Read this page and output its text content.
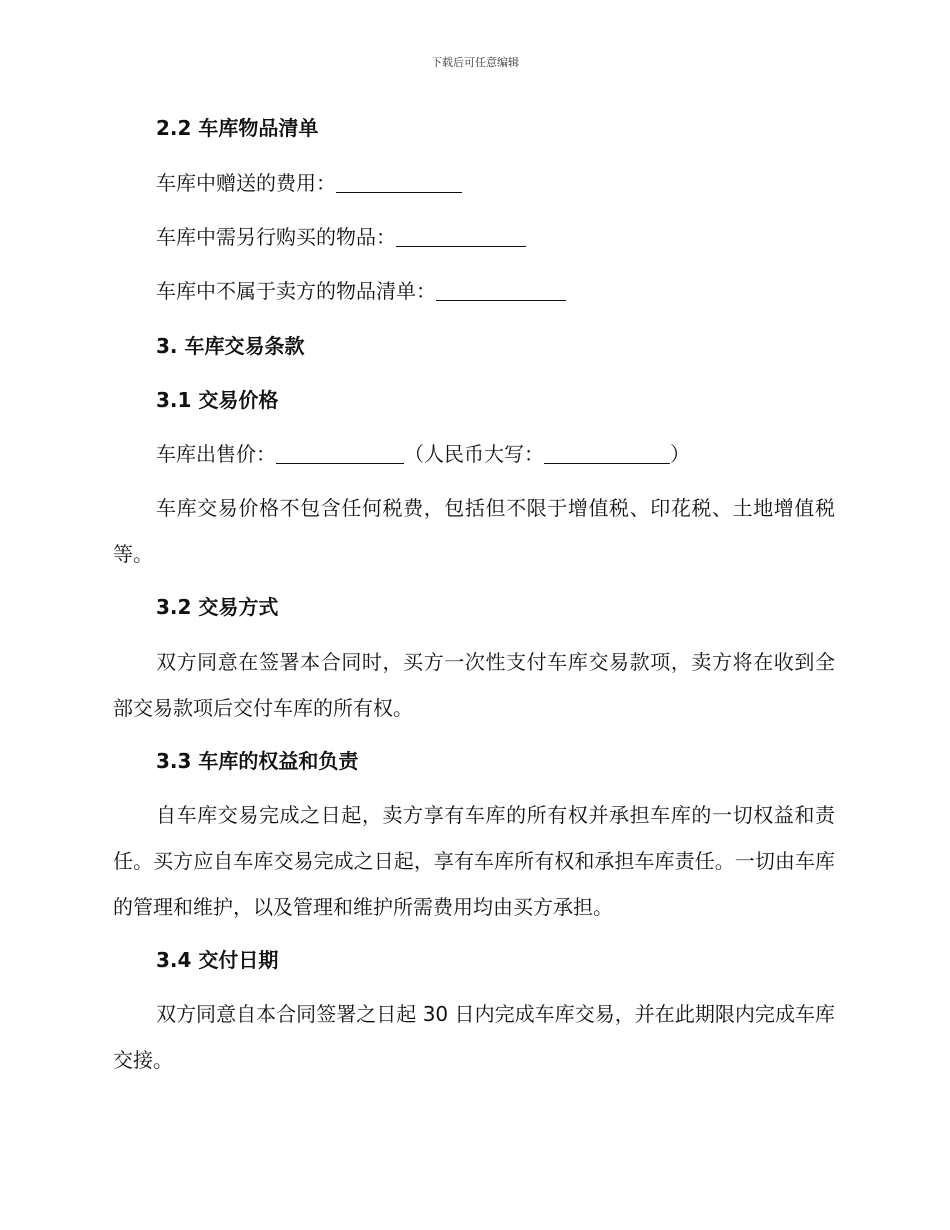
下载后可任意编辑
2.2 车库物品清单
车库中赠送的费用：
车库中需另行购买的物品：
车库中不属于卖方的物品清单：
3. 车库交易条款
3.1 交易价格
车库出售价：	（人民币大写：	）

车库交易价格不包含任何税费，包括但不限于增值税、印花税、土地增值税等。

3.2 交易方式

双方同意在签署本合同时，买方一次性支付车库交易款项，卖方将在收到全部交易款项后交付车库的所有权。

3.3 车库的权益和负责

自车库交易完成之日起，卖方享有车库的所有权并承担车库的一切权益和责任。买方应自车库交易完成之日起，享有车库所有权和承担车库责任。一切由车库的管理和维护，以及管理和维护所需费用均由买方承担。

3.4 交付日期

双方同意自本合同签署之日起 30 日内完成车库交易，并在此期限内完成车库交接。
